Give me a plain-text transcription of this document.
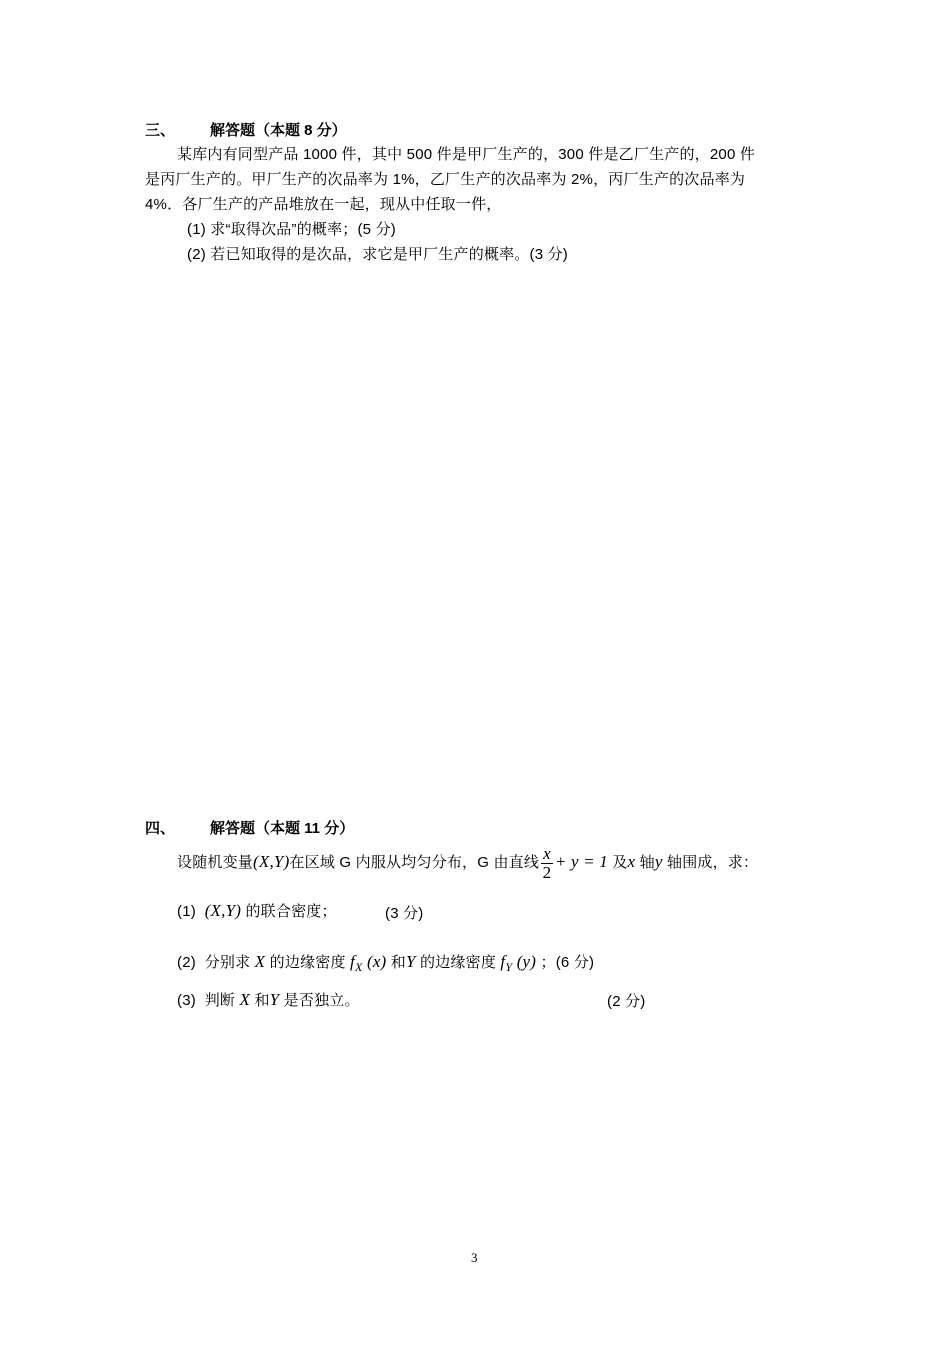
三、 解答题（本题 8 分）
某库内有同型产品 1000 件，其中 500 件是甲厂生产的，300 件是乙厂生产的，200 件
是丙厂生产的。甲厂生产的次品率为 1%，乙厂生产的次品率为 2%，丙厂生产的次品率为
4%．各厂生产的产品堆放在一起，现从中任取一件，
(1) 求“取得次品”的概率；(5 分)
(2) 若已知取得的是次品，求它是甲厂生产的概率。(3 分)
四、 解答题（本题 11 分）
设随机变量(X,Y)在区域 G 内服从均匀分布，G 由直线 $\frac{x}{2} + y = 1$ 及x 轴y 轴围成，求：
(1) (X,Y) 的联合密度；	(3 分)
(2) 分别求 X 的边缘密度 $f_X$ (x) 和Y 的边缘密度 $f_Y$ (y) ；(6 分)
(3) 判断 X 和Y 是否独立。	(2 分)
3
